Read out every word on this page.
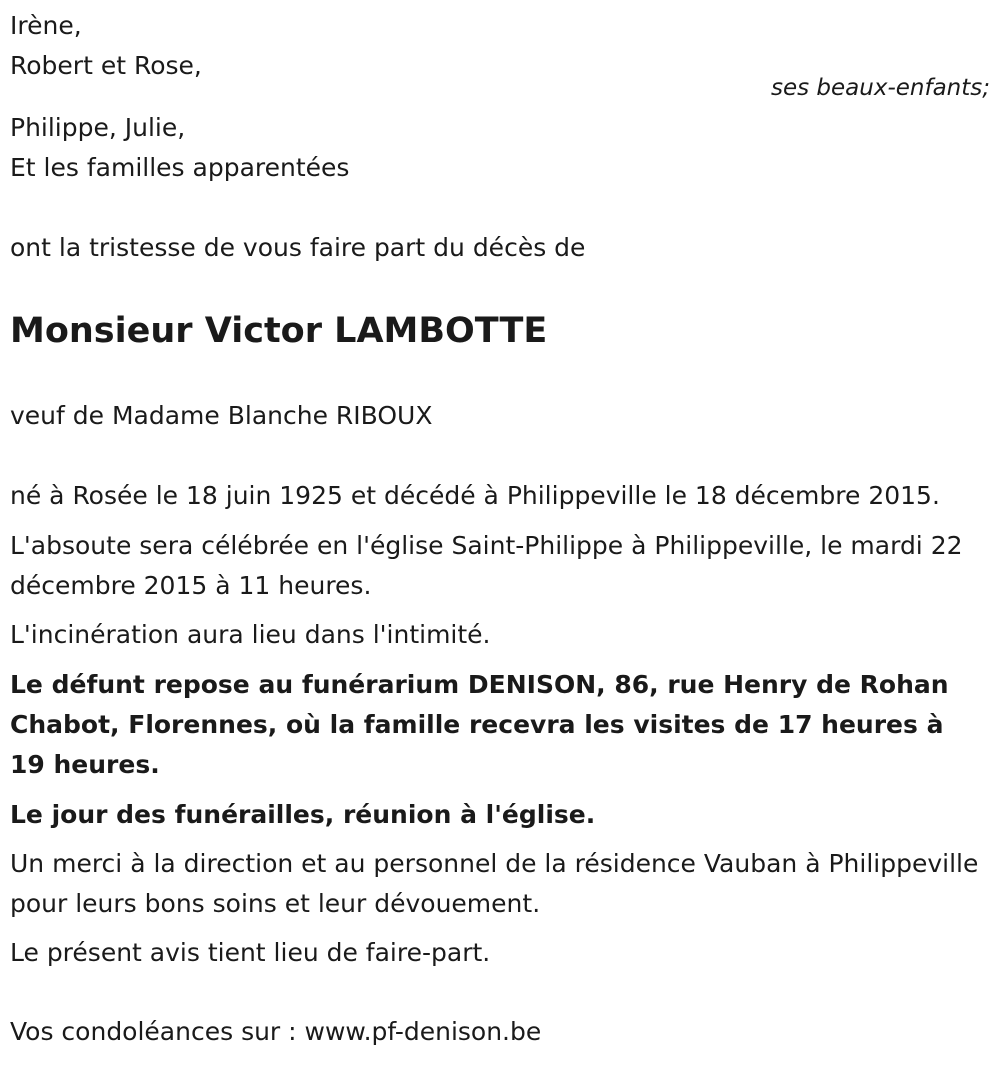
Irène,
Robert et Rose,
ses beaux-enfants;
Philippe, Julie,
Et les familles apparentées
ont la tristesse de vous faire part du décès de
Monsieur Victor LAMBOTTE
veuf de Madame Blanche RIBOUX
né à Rosée le 18 juin 1925 et décédé à Philippeville le 18 décembre 2015.
L'absoute sera célébrée en l'église Saint-Philippe à Philippeville, le mardi 22 décembre 2015 à 11 heures.
L'incinération aura lieu dans l'intimité.
Le défunt repose au funérarium DENISON, 86, rue Henry de Rohan Chabot, Florennes, où la famille recevra les visites de 17 heures à 19 heures.
Le jour des funérailles, réunion à l'église.
Un merci à la direction et au personnel de la résidence Vauban à Philippeville pour leurs bons soins et leur dévouement.
Le présent avis tient lieu de faire-part.
Vos condoléances sur : www.pf-denison.be
